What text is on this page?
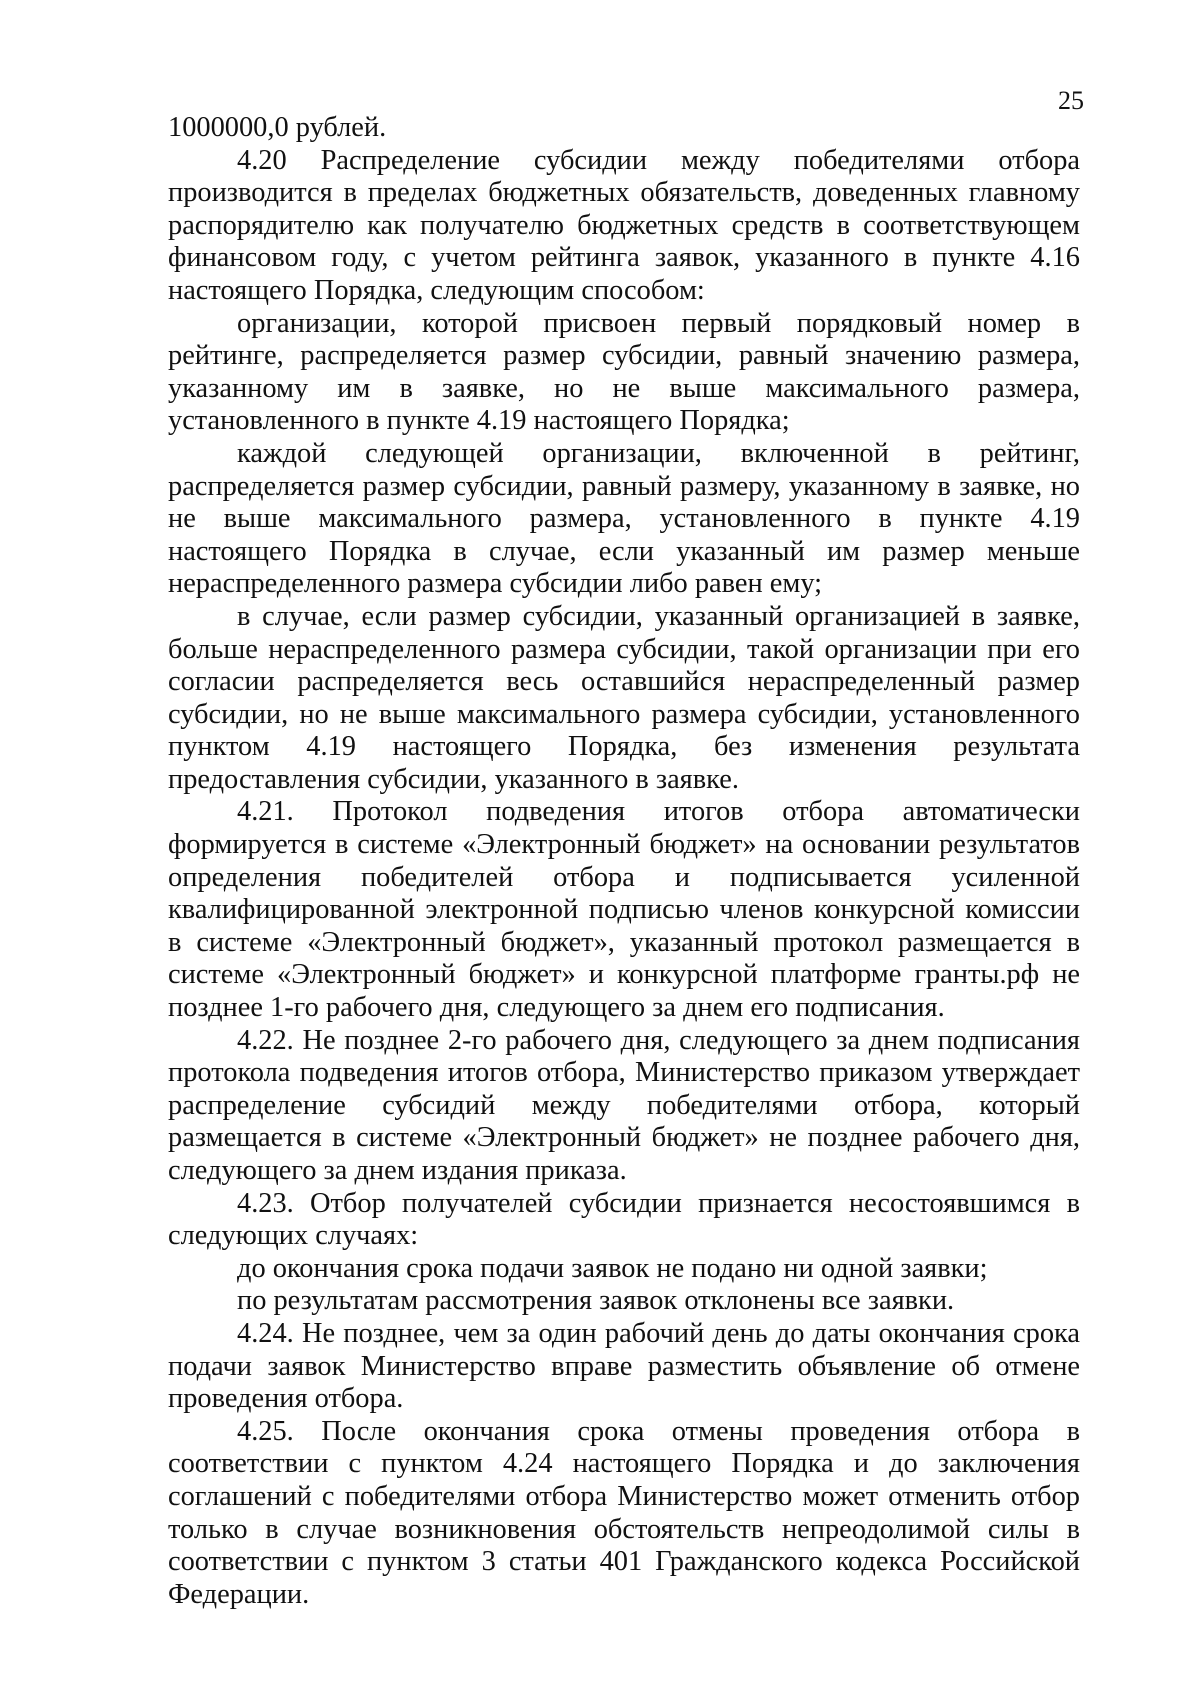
25

1000000,0 рублей.

4.20 Распределение субсидии между победителями отбора производится в пределах бюджетных обязательств, доведенных главному распорядителю как получателю бюджетных средств в соответствующем финансовом году, с учетом рейтинга заявок, указанного в пункте 4.16 настоящего Порядка, следующим способом:

организации, которой присвоен первый порядковый номер в рейтинге, распределяется размер субсидии, равный значению размера, указанному им в заявке, но не выше максимального размера, установленного в пункте 4.19 настоящего Порядка;

каждой следующей организации, включенной в рейтинг, распределяется размер субсидии, равный размеру, указанному в заявке, но не выше максимального размера, установленного в пункте 4.19 настоящего Порядка в случае, если указанный им размер меньше нераспределенного размера субсидии либо равен ему;

в случае, если размер субсидии, указанный организацией в заявке, больше нераспределенного размера субсидии, такой организации при его согласии распределяется весь оставшийся нераспределенный размер субсидии, но не выше максимального размера субсидии, установленного пунктом 4.19 настоящего Порядка, без изменения результата предоставления субсидии, указанного в заявке.

4.21. Протокол подведения итогов отбора автоматически формируется в системе «Электронный бюджет» на основании результатов определения победителей отбора и подписывается усиленной квалифицированной электронной подписью членов конкурсной комиссии в системе «Электронный бюджет», указанный протокол размещается в системе «Электронный бюджет» и конкурсной платформе гранты.рф не позднее 1-го рабочего дня, следующего за днем его подписания.

4.22. Не позднее 2-го рабочего дня, следующего за днем подписания протокола подведения итогов отбора, Министерство приказом утверждает распределение субсидий между победителями отбора, который размещается в системе «Электронный бюджет» не позднее рабочего дня, следующего за днем издания приказа.

4.23. Отбор получателей субсидии признается несостоявшимся в следующих случаях:

до окончания срока подачи заявок не подано ни одной заявки;

по результатам рассмотрения заявок отклонены все заявки.

4.24. Не позднее, чем за один рабочий день до даты окончания срока подачи заявок Министерство вправе разместить объявление об отмене проведения отбора.

4.25. После окончания срока отмены проведения отбора в соответствии с пунктом 4.24 настоящего Порядка и до заключения соглашений с победителями отбора Министерство может отменить отбор только в случае возникновения обстоятельств непреодолимой силы в соответствии с пунктом 3 статьи 401 Гражданского кодекса Российской Федерации.
